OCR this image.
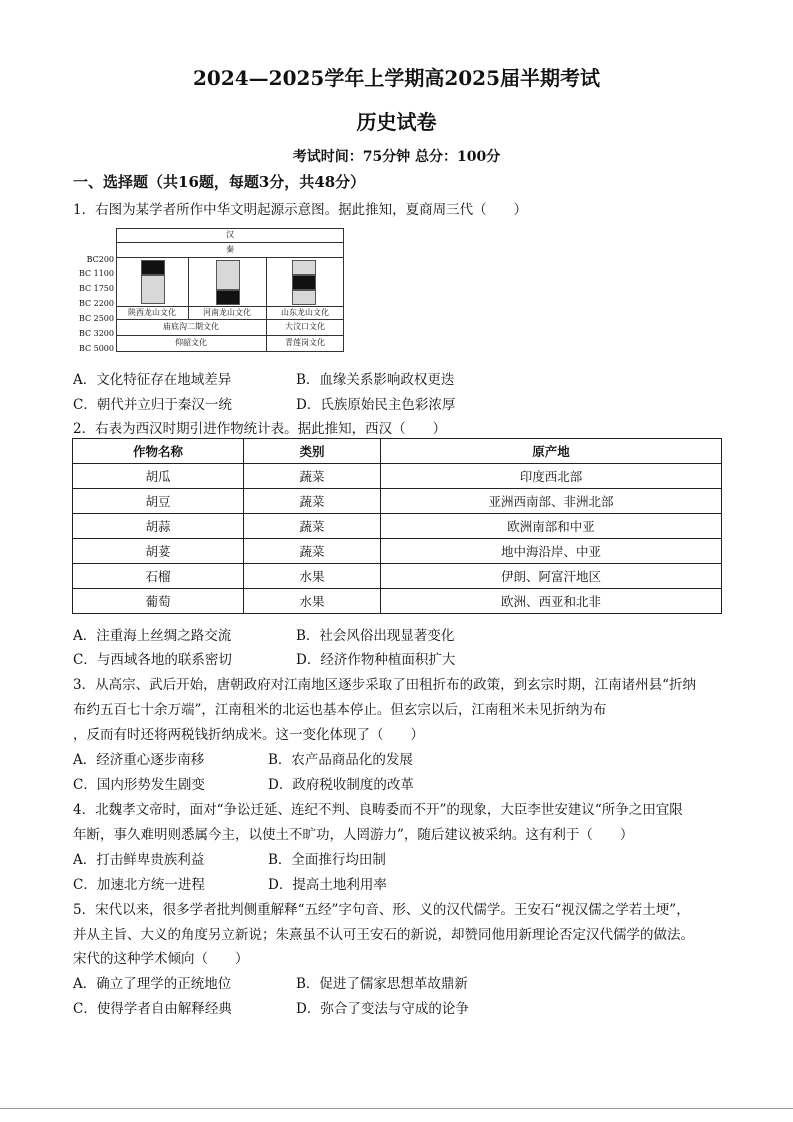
2024—2025学年上学期高2025届半期考试
历史试卷
考试时间：75分钟 总分：100分
一、选择题（共16题，每题3分，共48分）
1．右图为某学者所作中华文明起源示意图。据此推知，夏商周三代（　　）
BC200
BC 1100
BC 1750
BC 2200
BC 2500
BC 3200
BC 5000
汉
秦
陕西龙山文化	河南龙山文化	山东龙山文化
庙底沟二期文化	大汶口文化
仰韶文化	青莲岗文化
A．文化特征存在地域差异	B．血缘关系影响政权更迭
C．朝代并立归于秦汉一统	D．氏族原始民主色彩浓厚
2．右表为西汉时期引进作物统计表。据此推知，西汉（　　）
作物名称	类别	原产地
胡瓜	蔬菜	印度西北部
胡豆	蔬菜	亚洲西南部、非洲北部
胡蒜	蔬菜	欧洲南部和中亚
胡荽	蔬菜	地中海沿岸、中亚
石榴	水果	伊朗、阿富汗地区
葡萄	水果	欧洲、西亚和北非
A．注重海上丝绸之路交流	B．社会风俗出现显著变化
C．与西域各地的联系密切	D．经济作物种植面积扩大
3．从高宗、武后开始，唐朝政府对江南地区逐步采取了田租折布的政策，到玄宗时期，江南诸州县“折纳
布约五百七十余万端”，江南租米的北运也基本停止。但玄宗以后，江南租米未见折纳为布
，反而有时还将两税钱折纳成米。这一变化体现了（　　）
A．经济重心逐步南移	B．农产品商品化的发展
C．国内形势发生剧变	D．政府税收制度的改革
4．北魏孝文帝时，面对“争讼迁延、连纪不判、良畴委而不开”的现象，大臣李世安建议“所争之田宜限
年断，事久难明则悉属今主，以使土不旷功，人罔游力”，随后建议被采纳。这有利于（　　）
A．打击鲜卑贵族利益	B．全面推行均田制
C．加速北方统一进程	D．提高土地利用率
5．宋代以来，很多学者批判侧重解释“五经”字句音、形、义的汉代儒学。王安石“视汉儒之学若土埂”，
并从主旨、大义的角度另立新说；朱熹虽不认可王安石的新说，却赞同他用新理论否定汉代儒学的做法。
宋代的这种学术倾向（　　）
A．确立了理学的正统地位	B．促进了儒家思想革故鼎新
C．使得学者自由解释经典	D．弥合了变法与守成的论争
